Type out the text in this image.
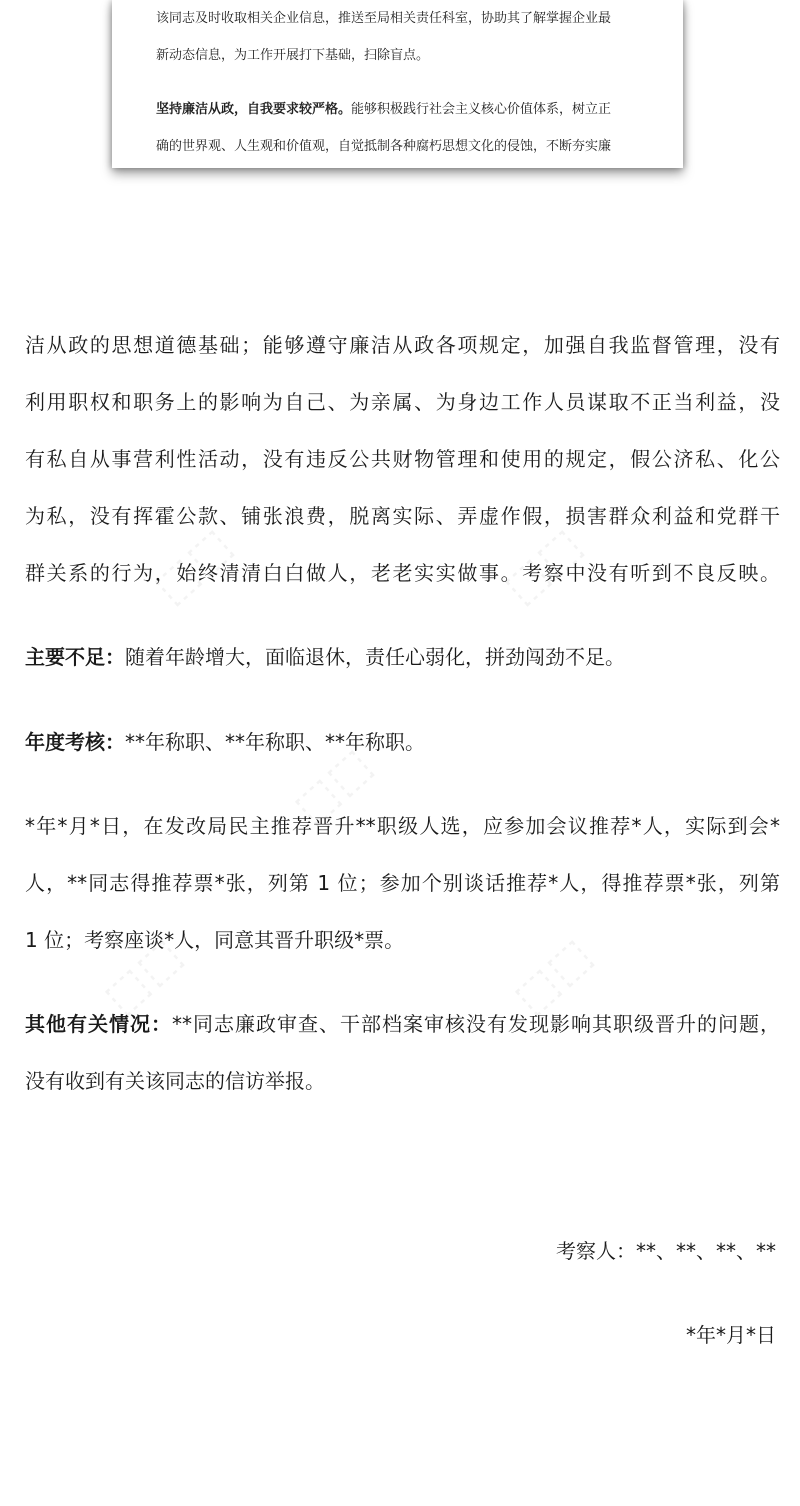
⬚⬚	⬚⬚
⬚⬚
⬚⬚	⬚⬚
该同志及时收取相关企业信息，推送至局相关责任科室，协助其了解掌握企业最
新动态信息，为工作开展打下基础，扫除盲点。
坚持廉洁从政，自我要求较严格。能够积极践行社会主义核心价值体系，树立正
确的世界观、人生观和价值观，自觉抵制各种腐朽思想文化的侵蚀，不断夯实廉
洁从政的思想道德基础；能够遵守廉洁从政各项规定，加强自我监督管理，没有
利用职权和职务上的影响为自己、为亲属、为身边工作人员谋取不正当利益，没
有私自从事营利性活动，没有违反公共财物管理和使用的规定，假公济私、化公
为私，没有挥霍公款、铺张浪费，脱离实际、弄虚作假，损害群众利益和党群干
群关系的行为，始终清清白白做人，老老实实做事。考察中没有听到不良反映。
主要不足：随着年龄增大，面临退休，责任心弱化，拼劲闯劲不足。
年度考核：**年称职、**年称职、**年称职。
*年*月*日，在发改局民主推荐晋升**职级人选，应参加会议推荐*人，实际到会*
人，**同志得推荐票*张，列第 1 位；参加个别谈话推荐*人，得推荐票*张，列第
1 位；考察座谈*人，同意其晋升职级*票。
其他有关情况：**同志廉政审查、干部档案审核没有发现影响其职级晋升的问题，
没有收到有关该同志的信访举报。
考察人：**、**、**、**
*年*月*日
